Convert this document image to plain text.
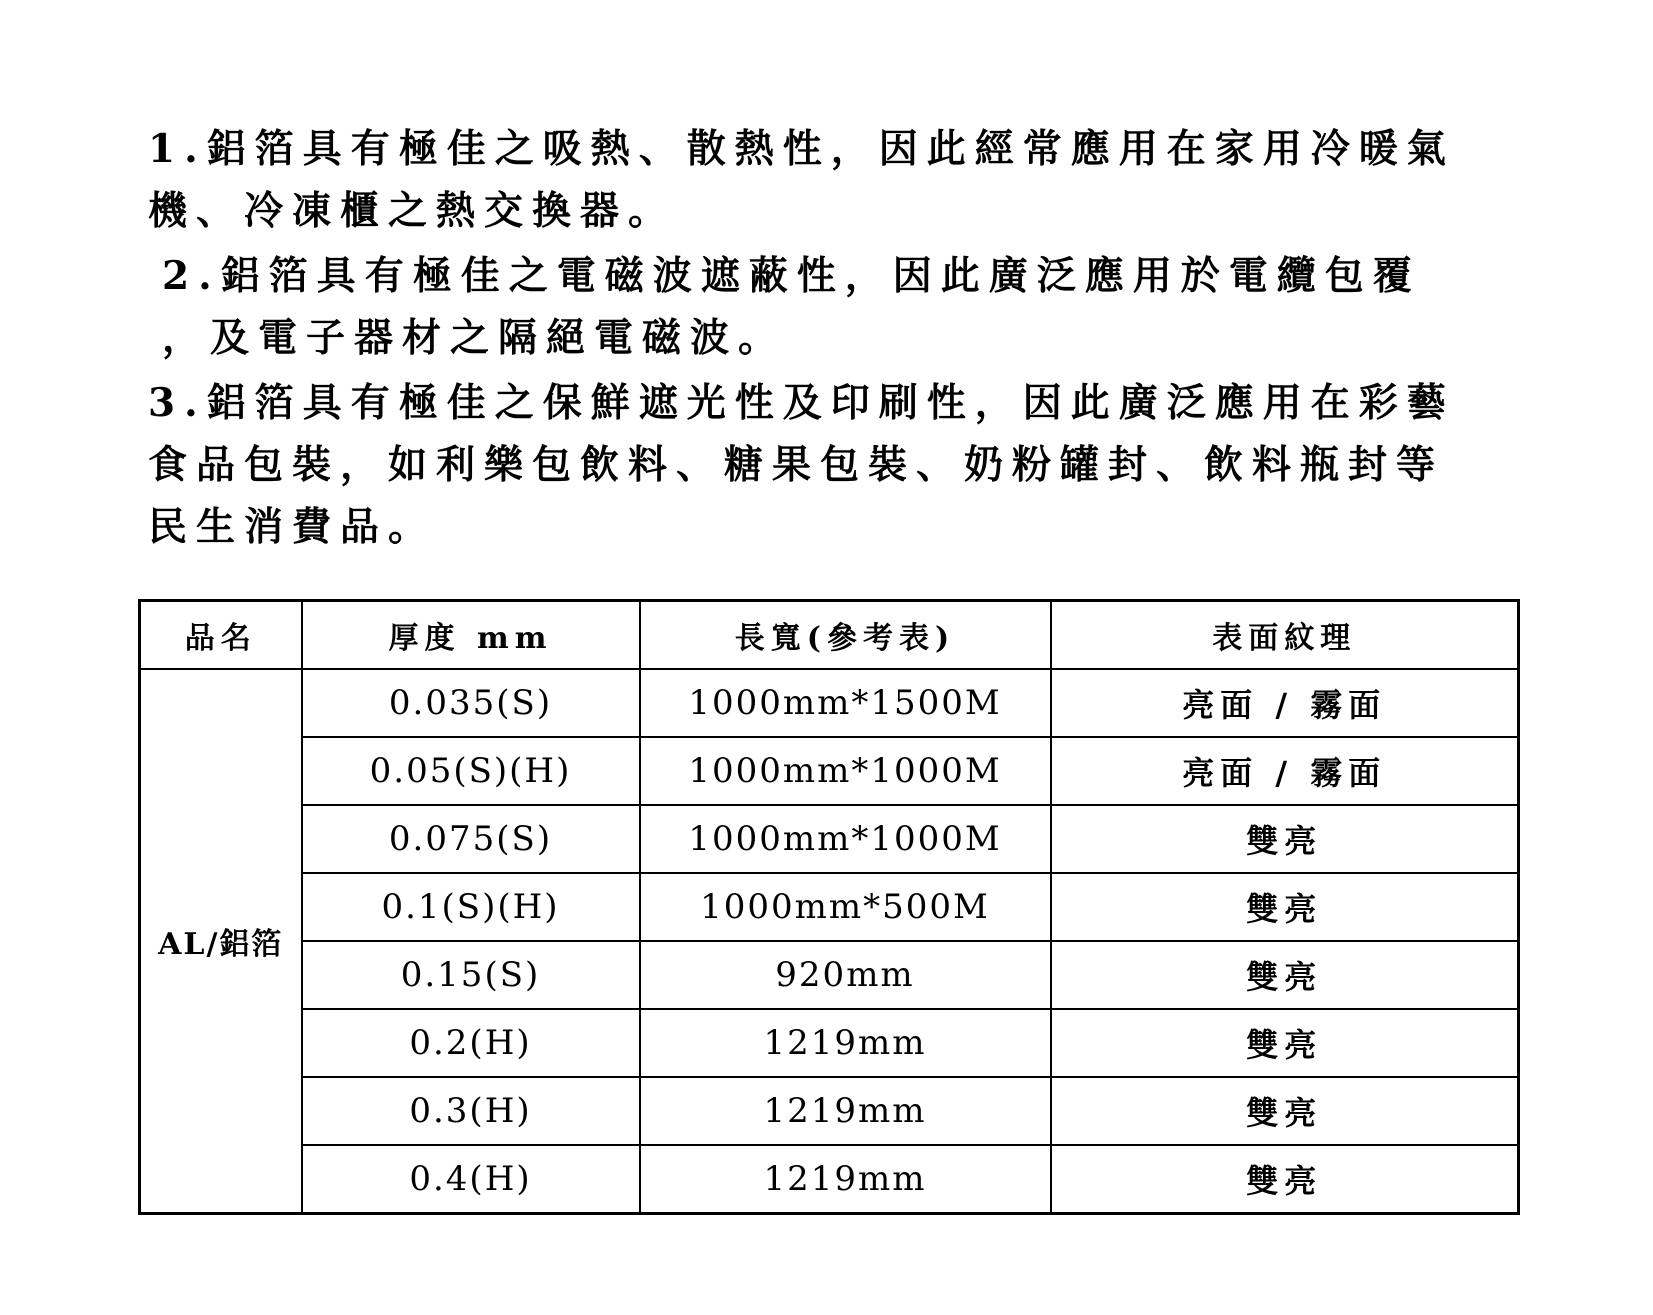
1.鋁箔具有極佳之吸熱、散熱性，因此經常應用在家用冷暖氣
機、冷凍櫃之熱交換器。
2.鋁箔具有極佳之電磁波遮蔽性，因此廣泛應用於電纜包覆
，及電子器材之隔絕電磁波。
3.鋁箔具有極佳之保鮮遮光性及印刷性，因此廣泛應用在彩藝
食品包裝，如利樂包飲料、糖果包裝、奶粉罐封、飲料瓶封等
民生消費品。
品名	厚度 mm	長寬(參考表)	表面紋理
AL/鋁箔	0.035(S)	1000mm*1500M	亮面 / 霧面
	0.05(S)(H)	1000mm*1000M	亮面 / 霧面
	0.075(S)	1000mm*1000M	雙亮
	0.1(S)(H)	1000mm*500M	雙亮
	0.15(S)	920mm	雙亮
	0.2(H)	1219mm	雙亮
	0.3(H)	1219mm	雙亮
	0.4(H)	1219mm	雙亮
